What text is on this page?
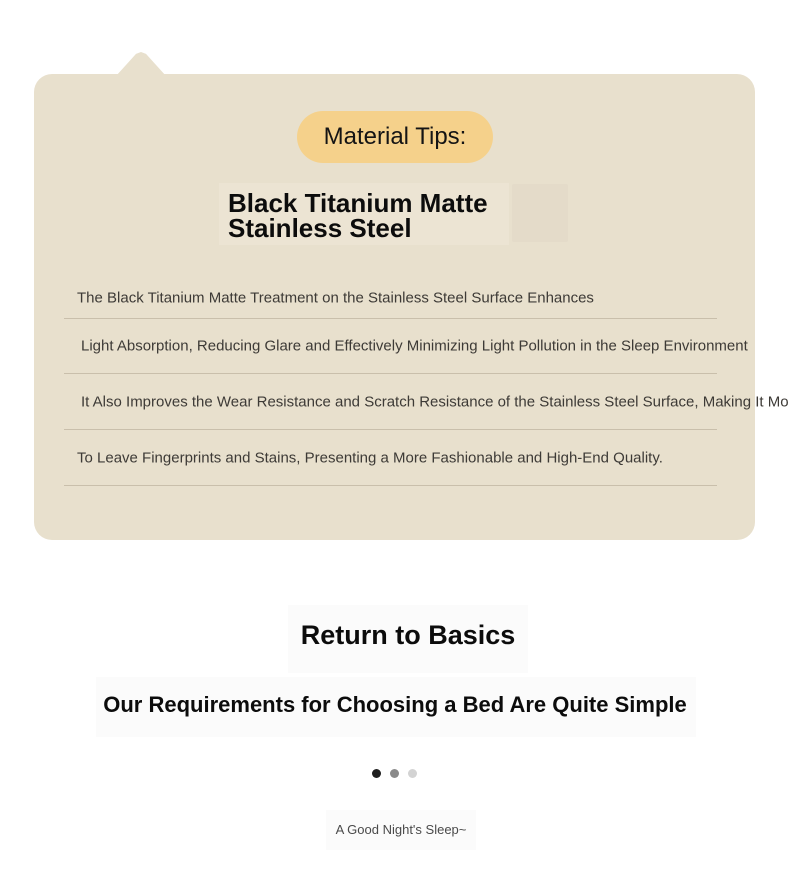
Material Tips:
Black Titanium Matte
Stainless Steel
The Black Titanium Matte Treatment on the Stainless Steel Surface Enhances
Light Absorption, Reducing Glare and Effectively Minimizing Light Pollution in the Sleep Environment
It Also Improves the Wear Resistance and Scratch Resistance of the Stainless Steel Surface, Making It Mo
To Leave Fingerprints and Stains, Presenting a More Fashionable and High-End Quality.
Return to Basics
Our Requirements for Choosing a Bed Are Quite Simple
A Good Night's Sleep~
